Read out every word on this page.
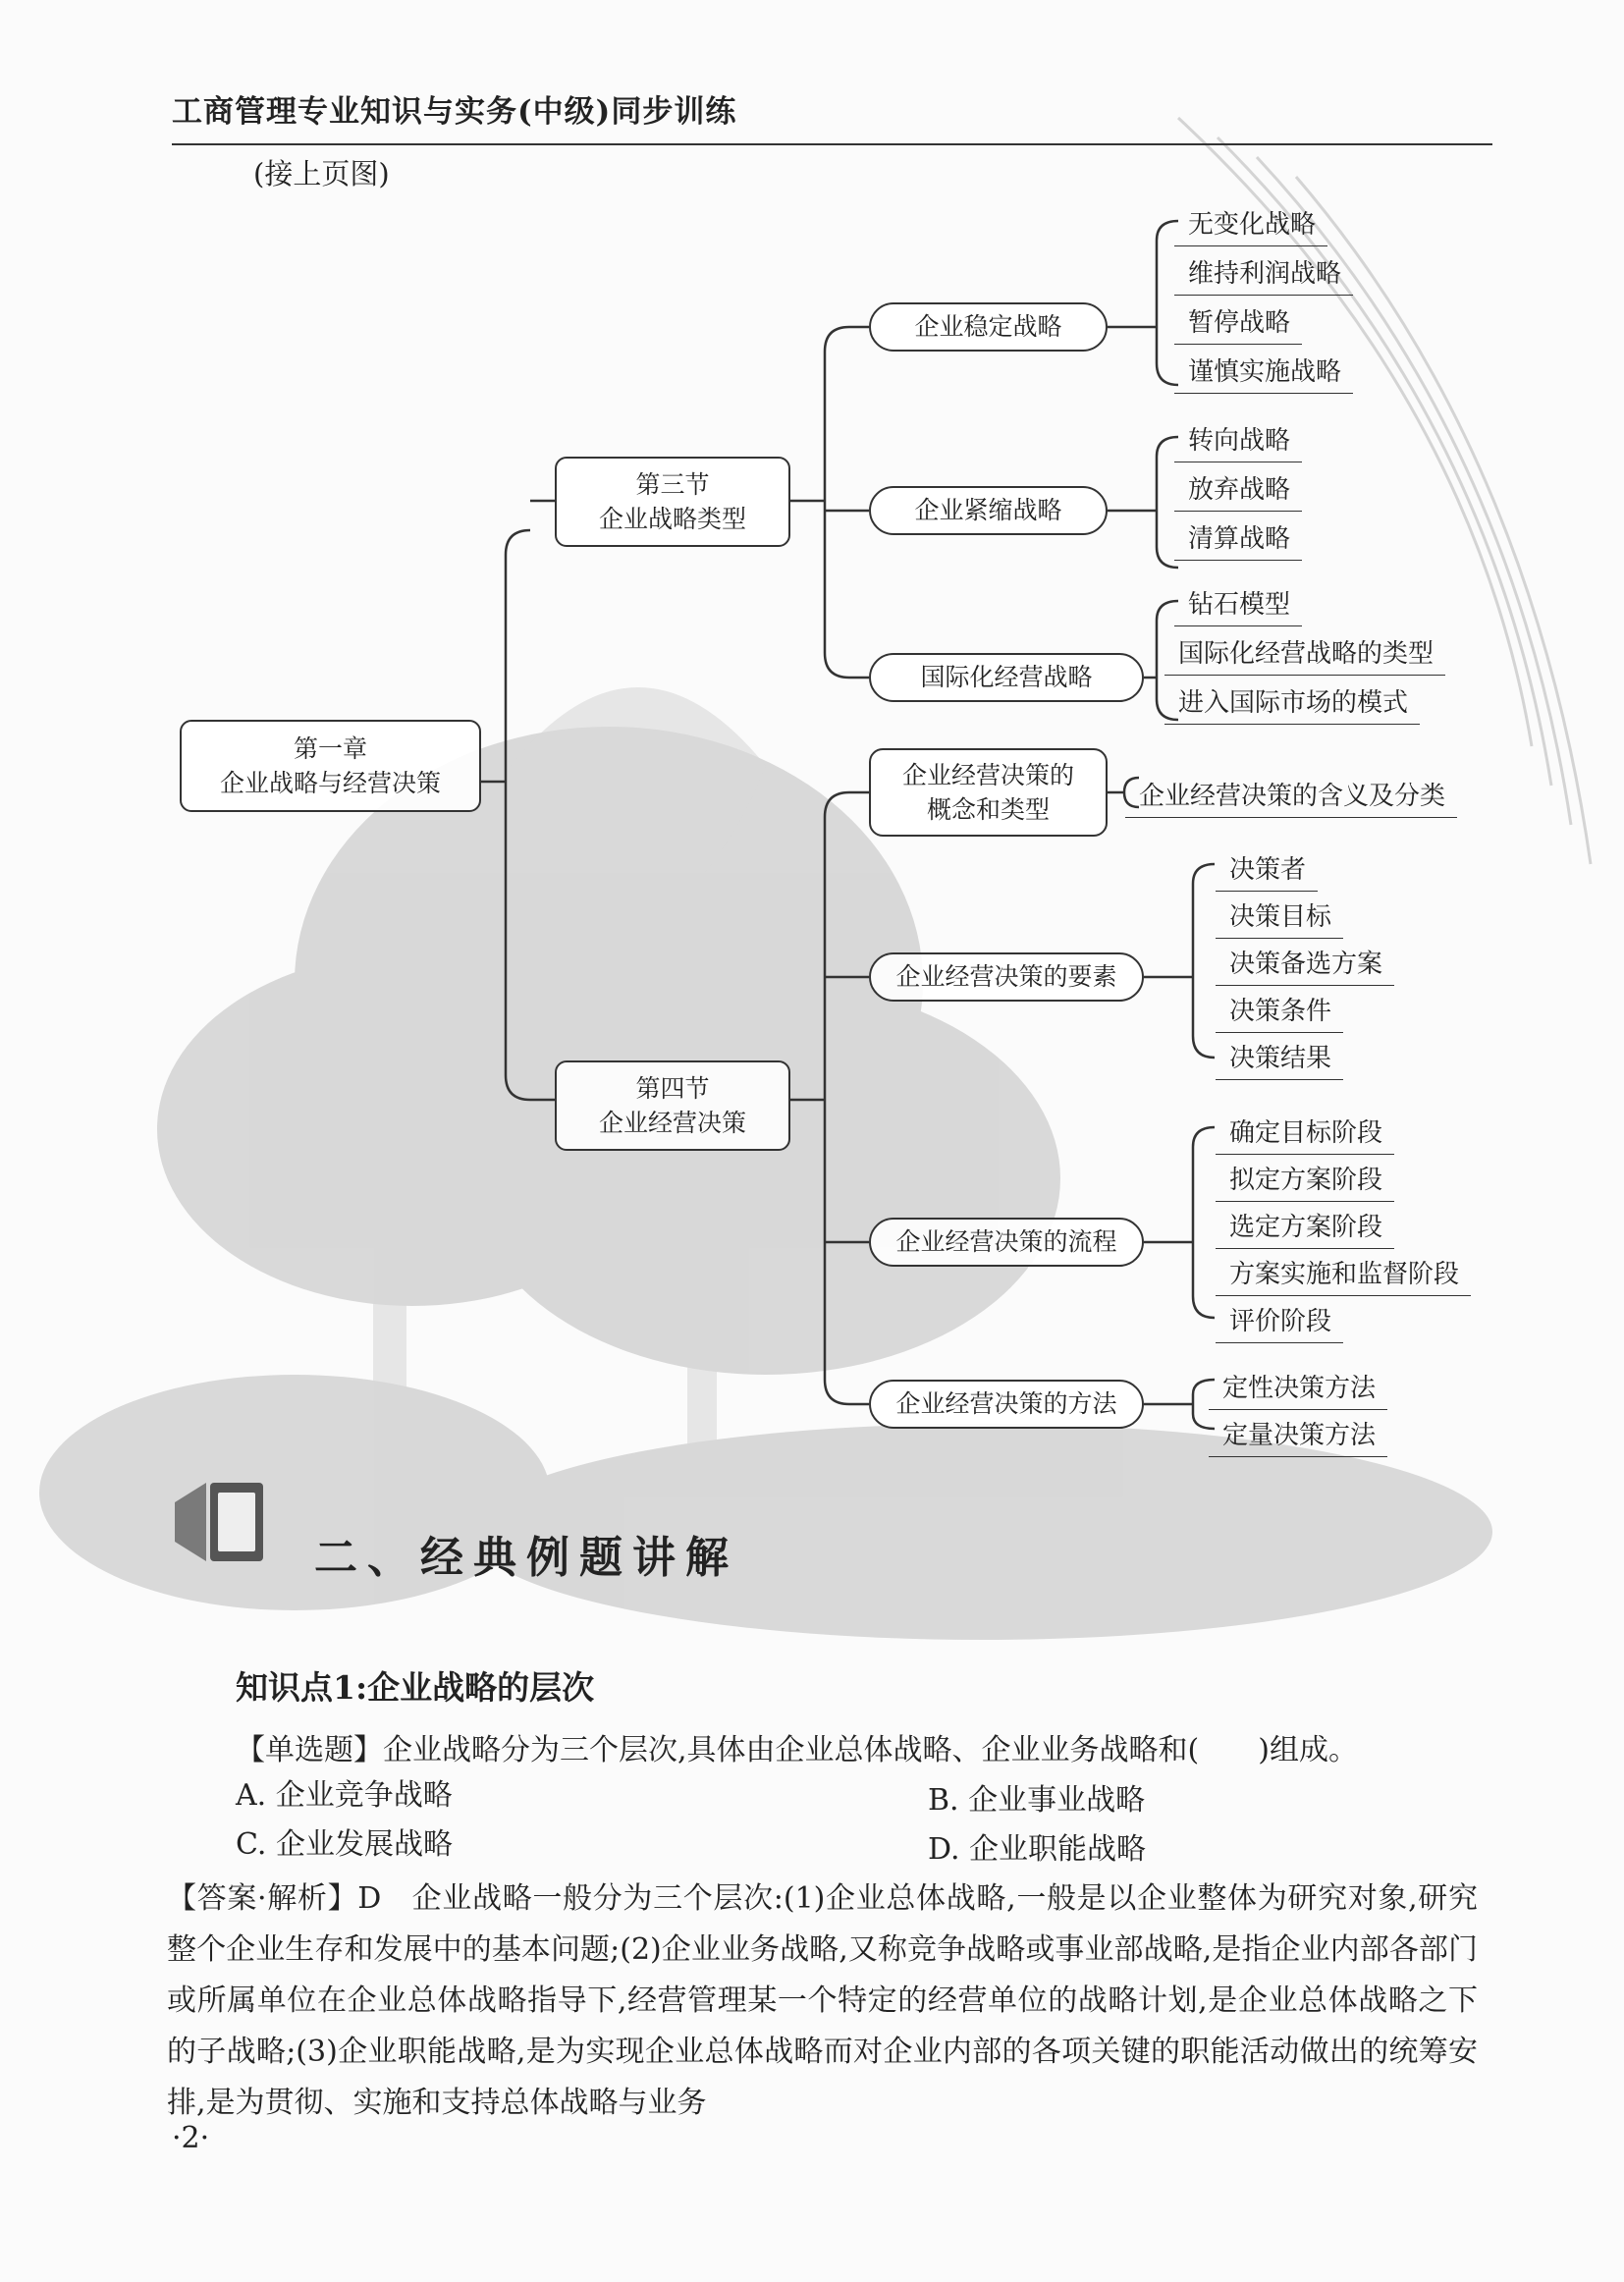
工商管理专业知识与实务(中级)同步训练
(接上页图)
第一章
企业战略与经营决策
第三节
企业战略类型
第四节
企业经营决策
企业稳定战略
企业紧缩战略
国际化经营战略
无变化战略
维持利润战略
暂停战略
谨慎实施战略
转向战略
放弃战略
清算战略
钻石模型
国际化经营战略的类型
进入国际市场的模式
企业经营决策的
概念和类型
企业经营决策的要素
企业经营决策的流程
企业经营决策的方法
企业经营决策的含义及分类
决策者
决策目标
决策备选方案
决策条件
决策结果
确定目标阶段
拟定方案阶段
选定方案阶段
方案实施和监督阶段
评价阶段
定性决策方法
定量决策方法
二、经典例题讲解
知识点1:企业战略的层次
【单选题】企业战略分为三个层次,具体由企业总体战略、企业业务战略和(　　)组成。
A. 企业竞争战略	B. 企业事业战略
C. 企业发展战略	D. 企业职能战略
【答案·解析】D　企业战略一般分为三个层次:(1)企业总体战略,一般是以企业整体为研究对象,研究整个企业生存和发展中的基本问题;(2)企业业务战略,又称竞争战略或事业部战略,是指企业内部各部门或所属单位在企业总体战略指导下,经营管理某一个特定的经营单位的战略计划,是企业总体战略之下的子战略;(3)企业职能战略,是为实现企业总体战略而对企业内部的各项关键的职能活动做出的统筹安排,是为贯彻、实施和支持总体战略与业务
·2·
